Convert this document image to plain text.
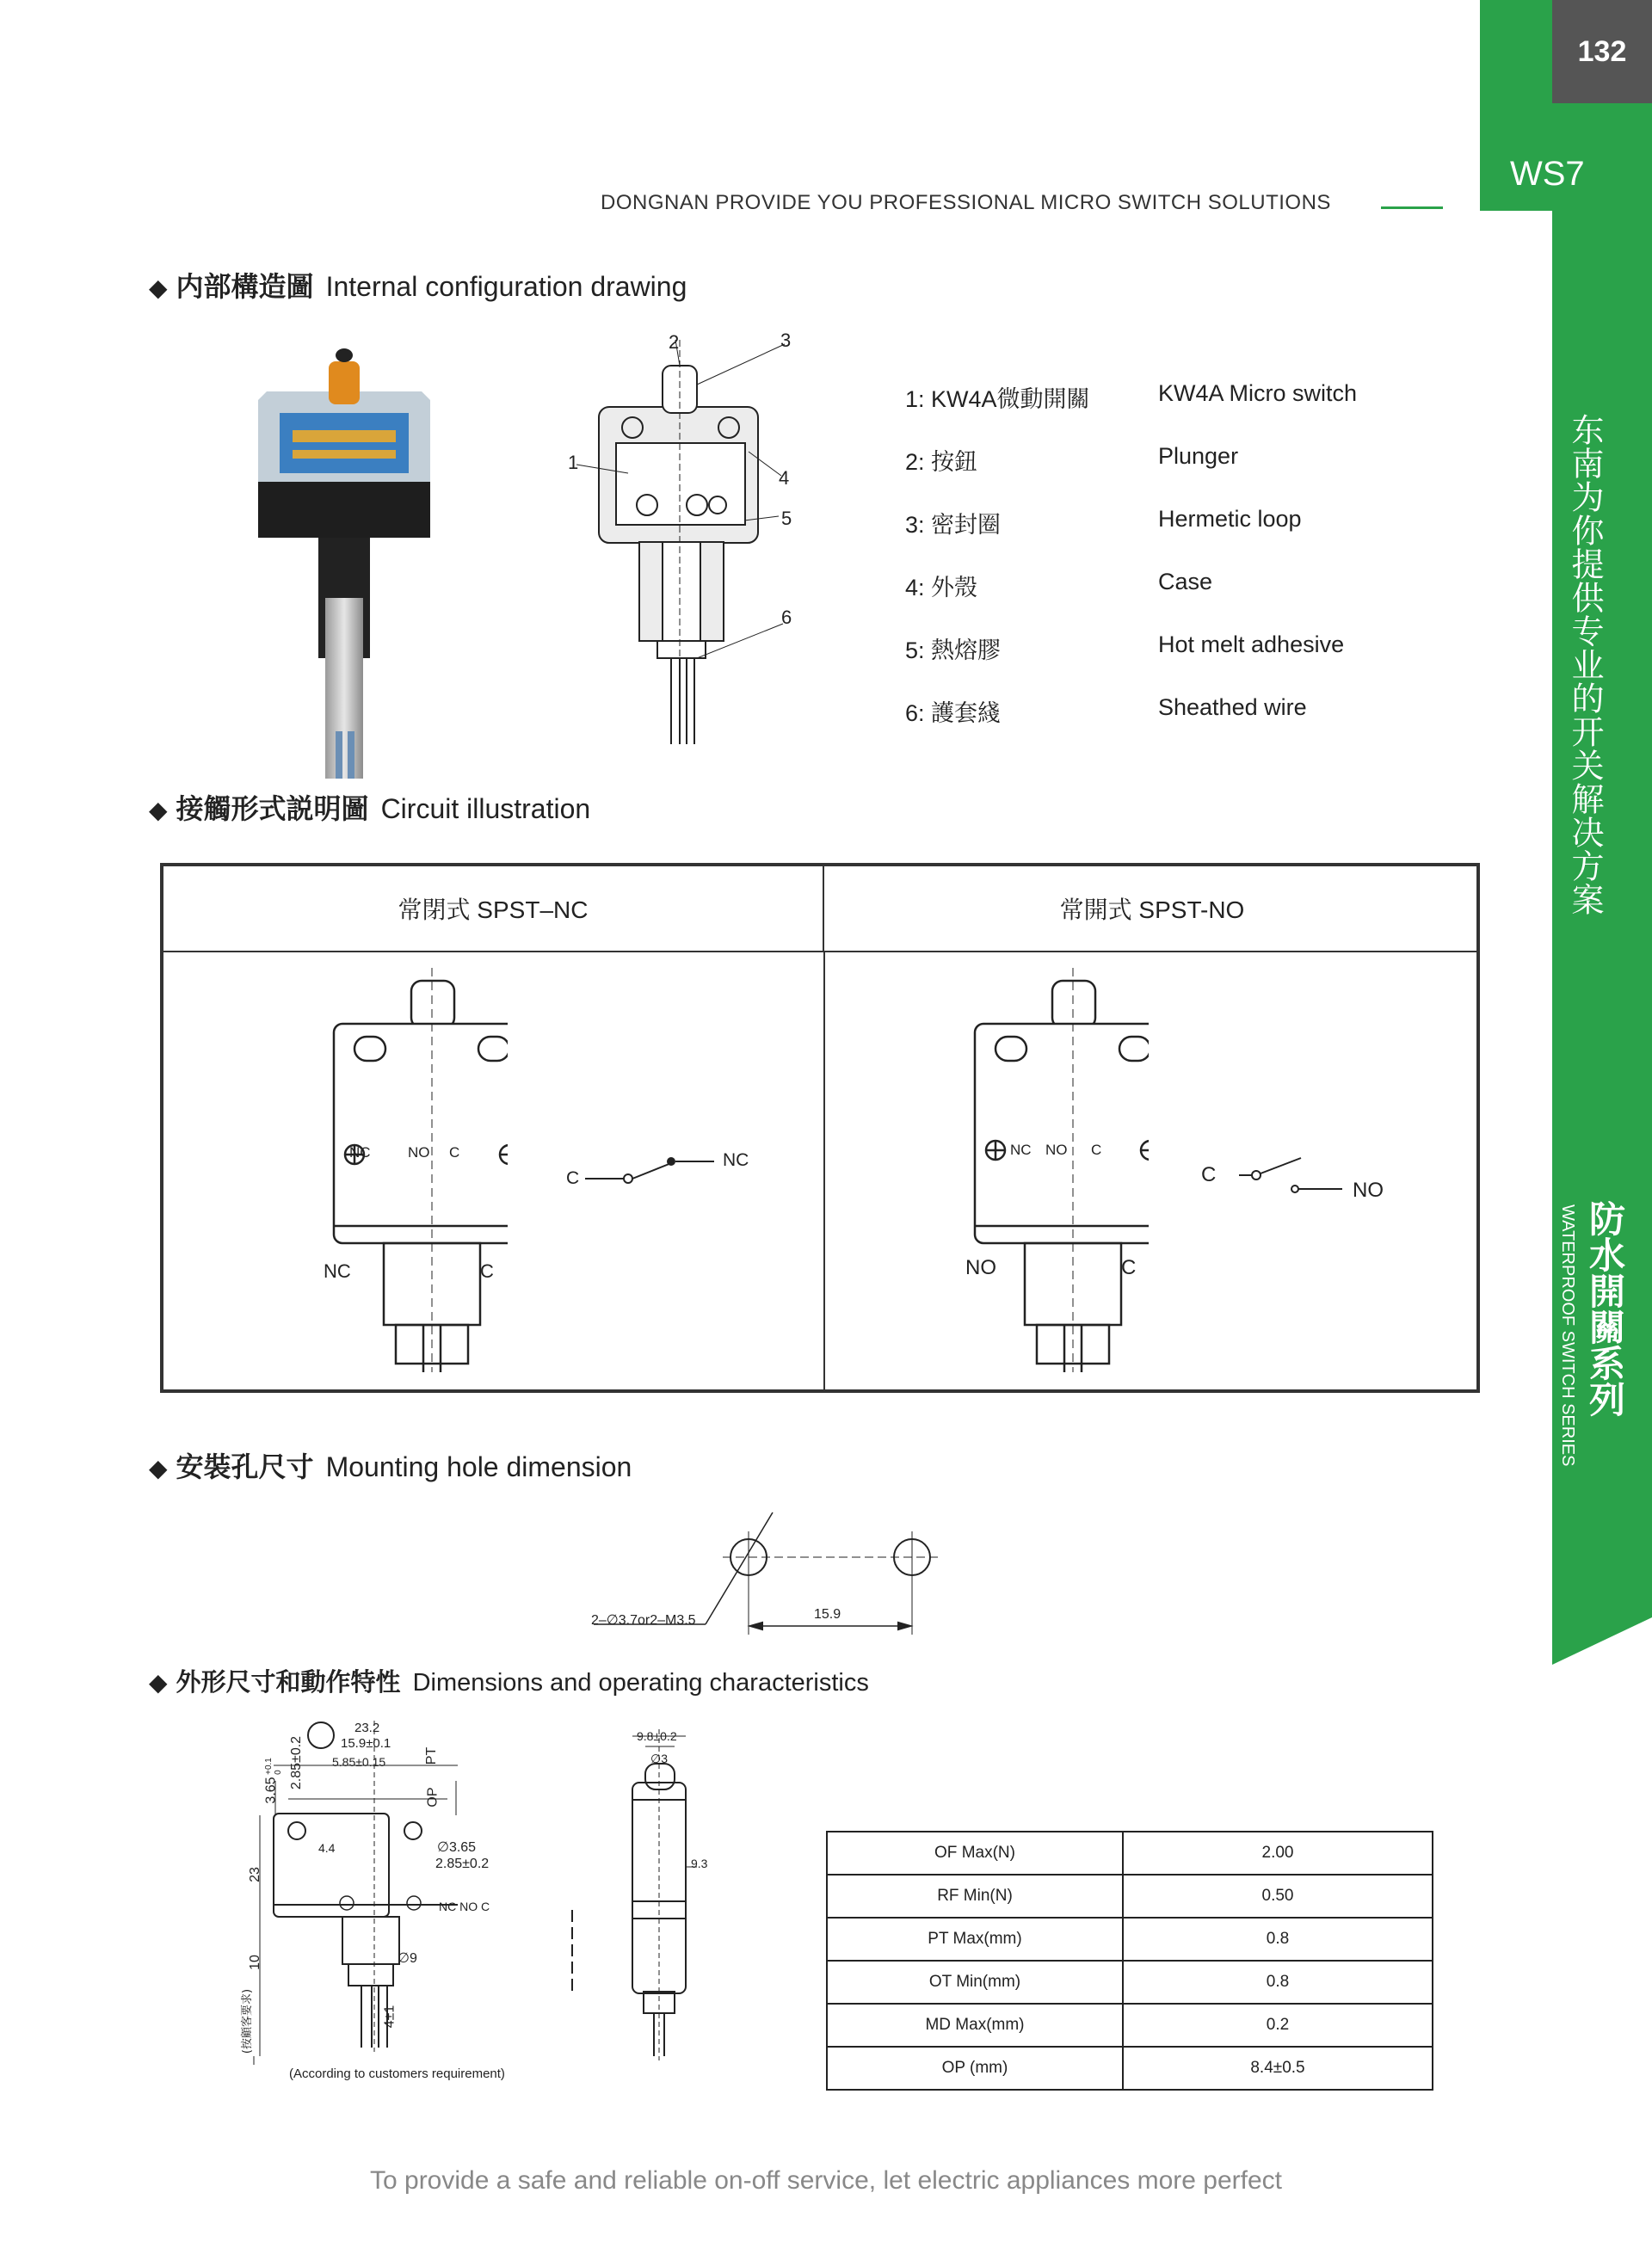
132
WS7
东南为你提供专业的开关解决方案
防水開關系列
WATERPROOF SWITCH SERIES
DONGNAN PROVIDE YOU PROFESSIONAL MICRO SWITCH SOLUTIONS
◆ 内部構造圖 Internal configuration drawing
2	3
1
4
5
6
1: KW4A微動開關	KW4A Micro switch
2: 按鈕	Plunger
3: 密封圈	Hermetic loop
4: 外殼	Case
5: 熱熔膠	Hot melt adhesive
6: 護套綫	Sheathed wire
◆ 接觸形式説明圖 Circuit illustration
常閉式 SPST–NC	常開式 SPST-NO
NC	NO C
NC	C
C
NC
NC NO C
NO	C
C
NO
◆ 安裝孔尺寸 Mounting hole dimension
2–∅3.7or2–M3.5	15.9
◆ 外形尺寸和動作特性 Dimensions and operating characteristics
23.2
15.9±0.1
5.85±0.15	PT
OP
3.65
+0.1
0 2.85±0.2
23
10
∅3.65
2.85±0.2
4.4
∅9
4±1
NC NO C
(按顧客要求)
(According to customers requirement)
9.8±0.2
∅3
9.3
OF Max(N)	2.00
RF Min(N)	0.50
PT Max(mm)	0.8
OT Min(mm)	0.8
MD Max(mm)	0.2
OP (mm)	8.4±0.5
To provide a safe and reliable on-off service, let electric appliances more perfect
